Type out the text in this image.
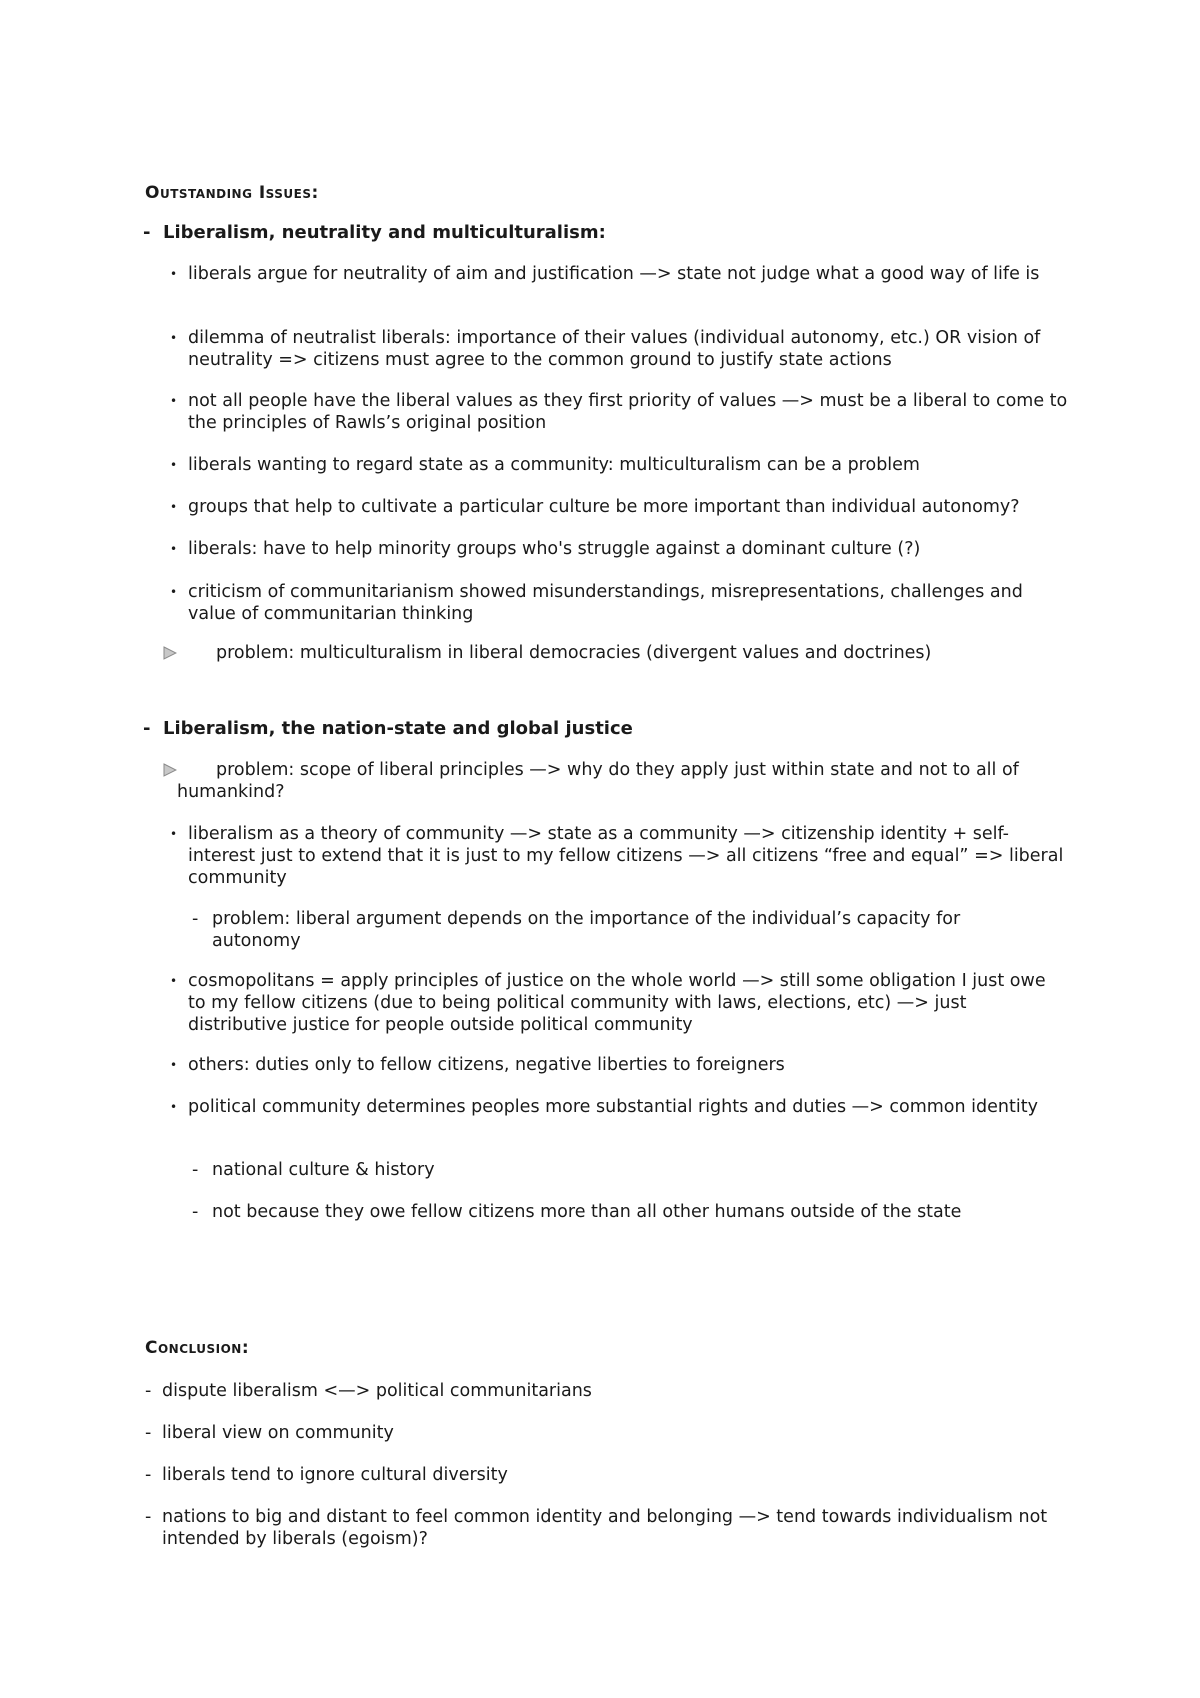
Outstanding Issues:
- Liberalism, neutrality and multiculturalism:
• liberals argue for neutrality of aim and justification —> state not judge what a good way of life is
• dilemma of neutralist liberals: importance of their values (individual autonomy, etc.) OR vision of neutrality => citizens must agree to the common ground to justify state actions
• not all people have the liberal values as they first priority of values —> must be a liberal to come to the principles of Rawls’s original position
• liberals wanting to regard state as a community: multiculturalism can be a problem
• groups that help to cultivate a particular culture be more important than individual autonomy?
• liberals: have to help minority groups who's struggle against a dominant culture (?)
• criticism of communitarianism showed misunderstandings, misrepresentations, challenges and value of communitarian thinking
problem: multiculturalism in liberal democracies (divergent values and doctrines)
- Liberalism, the nation-state and global justice
problem: scope of liberal principles —> why do they apply just within state and not to all of
humankind?
• liberalism as a theory of community —> state as a community —> citizenship identity + self-interest just to extend that it is just to my fellow citizens —> all citizens “free and equal” => liberal community
- problem: liberal argument depends on the importance of the individual’s capacity for autonomy
• cosmopolitans = apply principles of justice on the whole world —> still some obligation I just owe to my fellow citizens (due to being political community with laws, elections, etc) —> just distributive justice for people outside political community
• others: duties only to fellow citizens, negative liberties to foreigners
• political community determines peoples more substantial rights and duties —> common identity
- national culture & history
- not because they owe fellow citizens more than all other humans outside of the state
Conclusion:
- dispute liberalism <—> political communitarians
- liberal view on community
- liberals tend to ignore cultural diversity
- nations to big and distant to feel common identity and belonging —> tend towards individualism not intended by liberals (egoism)?
